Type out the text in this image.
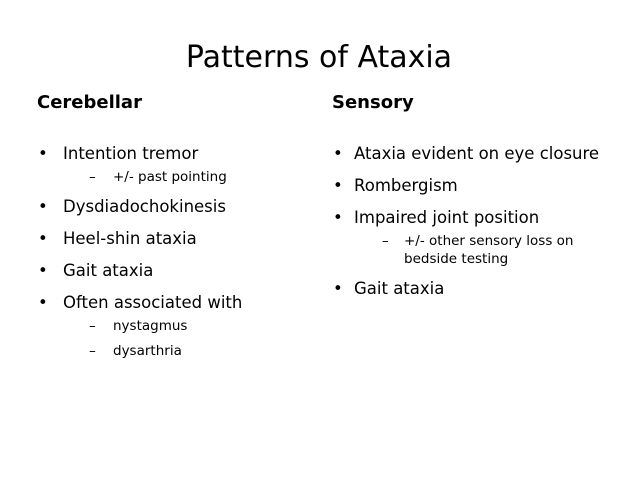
Patterns of Ataxia
Cerebellar
• Intention tremor
– +/- past pointing
• Dysdiadochokinesis
• Heel-shin ataxia
• Gait ataxia
• Often associated with
– nystagmus
– dysarthria
Sensory
• Ataxia evident on eye closure
• Rombergism
• Impaired joint position
– +/- other sensory loss on bedside testing
• Gait ataxia
